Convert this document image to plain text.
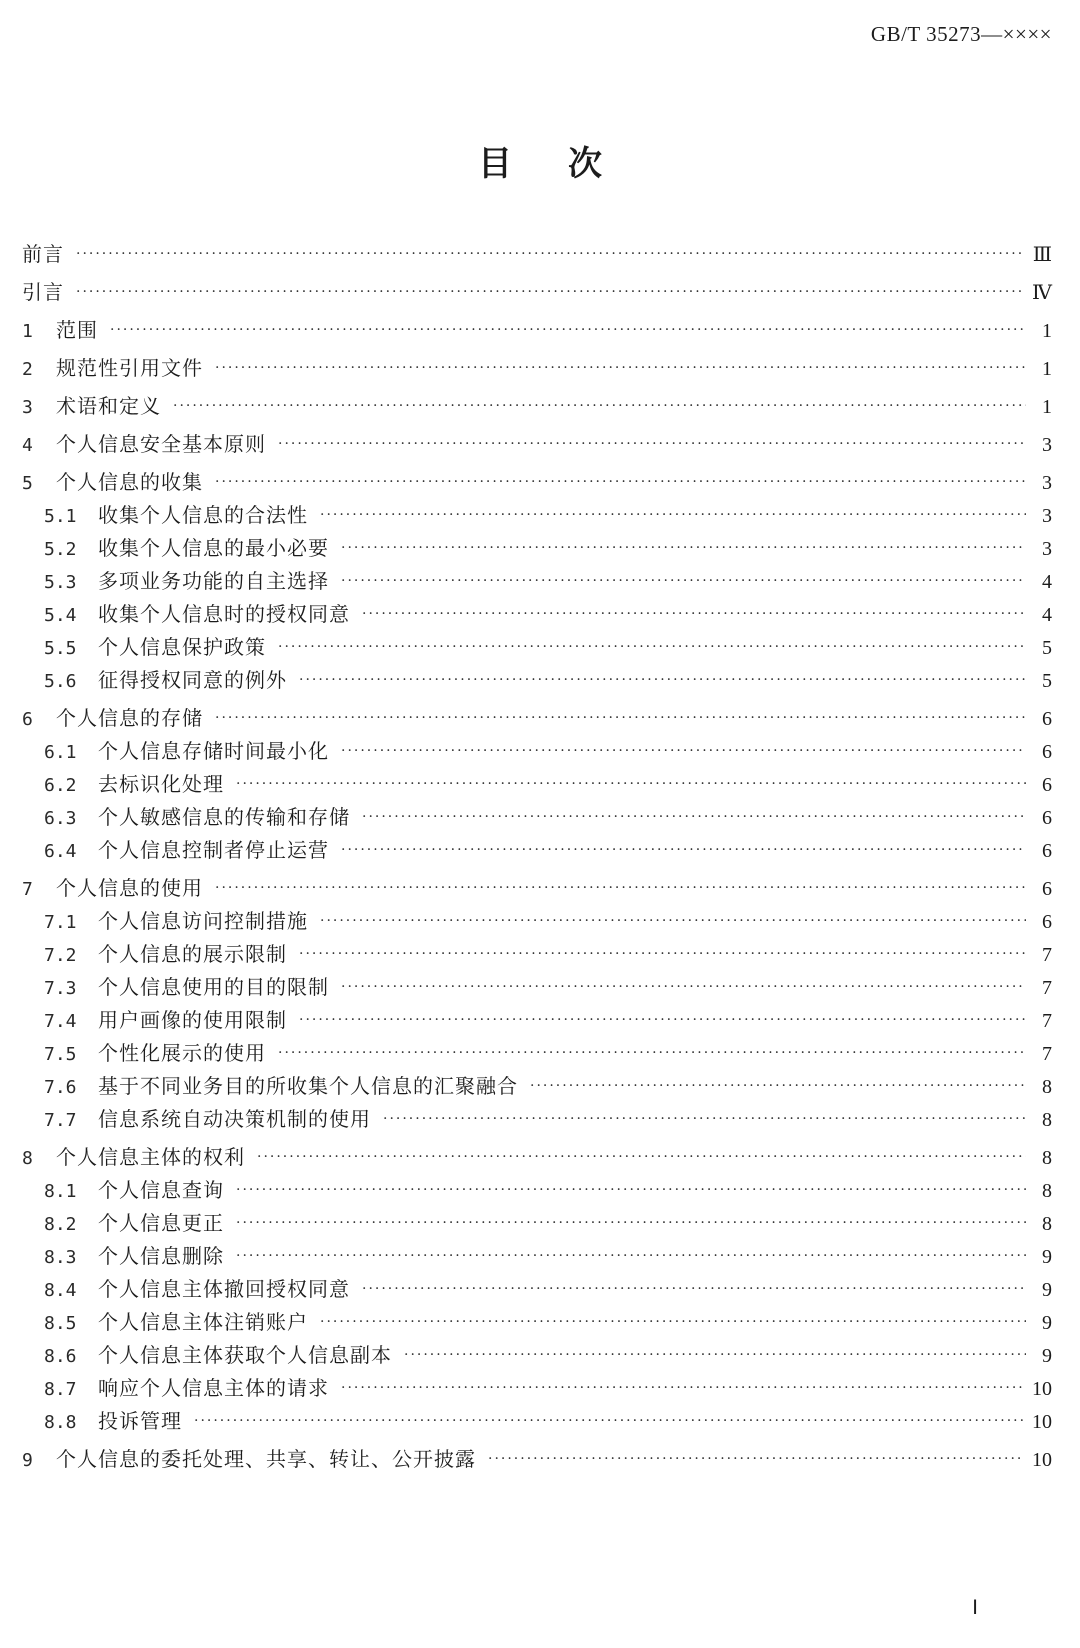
GB/T 35273—××××
目次
前言 ·····	Ⅲ
引言 ·····	Ⅳ
1	范围 ·····	1
2	规范性引用文件 ·····	1
3	术语和定义 ·····	1
4	个人信息安全基本原则 ·····	3
5	个人信息的收集 ·····	3
5.1	收集个人信息的合法性 ·····	3
5.2	收集个人信息的最小必要 ·····	3
5.3	多项业务功能的自主选择 ·····	4
5.4	收集个人信息时的授权同意 ·····	4
5.5	个人信息保护政策 ·····	5
5.6	征得授权同意的例外 ·····	5
6	个人信息的存储 ·····	6
6.1	个人信息存储时间最小化 ·····	6
6.2	去标识化处理 ·····	6
6.3	个人敏感信息的传输和存储 ·····	6
6.4	个人信息控制者停止运营 ·····	6
7	个人信息的使用 ·····	6
7.1	个人信息访问控制措施 ·····	6
7.2	个人信息的展示限制 ·····	7
7.3	个人信息使用的目的限制 ·····	7
7.4	用户画像的使用限制 ·····	7
7.5	个性化展示的使用 ·····	7
7.6	基于不同业务目的所收集个人信息的汇聚融合 ·····	8
7.7	信息系统自动决策机制的使用 ·····	8
8	个人信息主体的权利 ·····	8
8.1	个人信息查询 ·····	8
8.2	个人信息更正 ·····	8
8.3	个人信息删除 ·····	9
8.4	个人信息主体撤回授权同意 ·····	9
8.5	个人信息主体注销账户 ·····	9
8.6	个人信息主体获取个人信息副本 ·····	9
8.7	响应个人信息主体的请求 ·····	10
8.8	投诉管理 ·····	10
9	个人信息的委托处理、共享、转让、公开披露 ·····	10
Ⅰ
